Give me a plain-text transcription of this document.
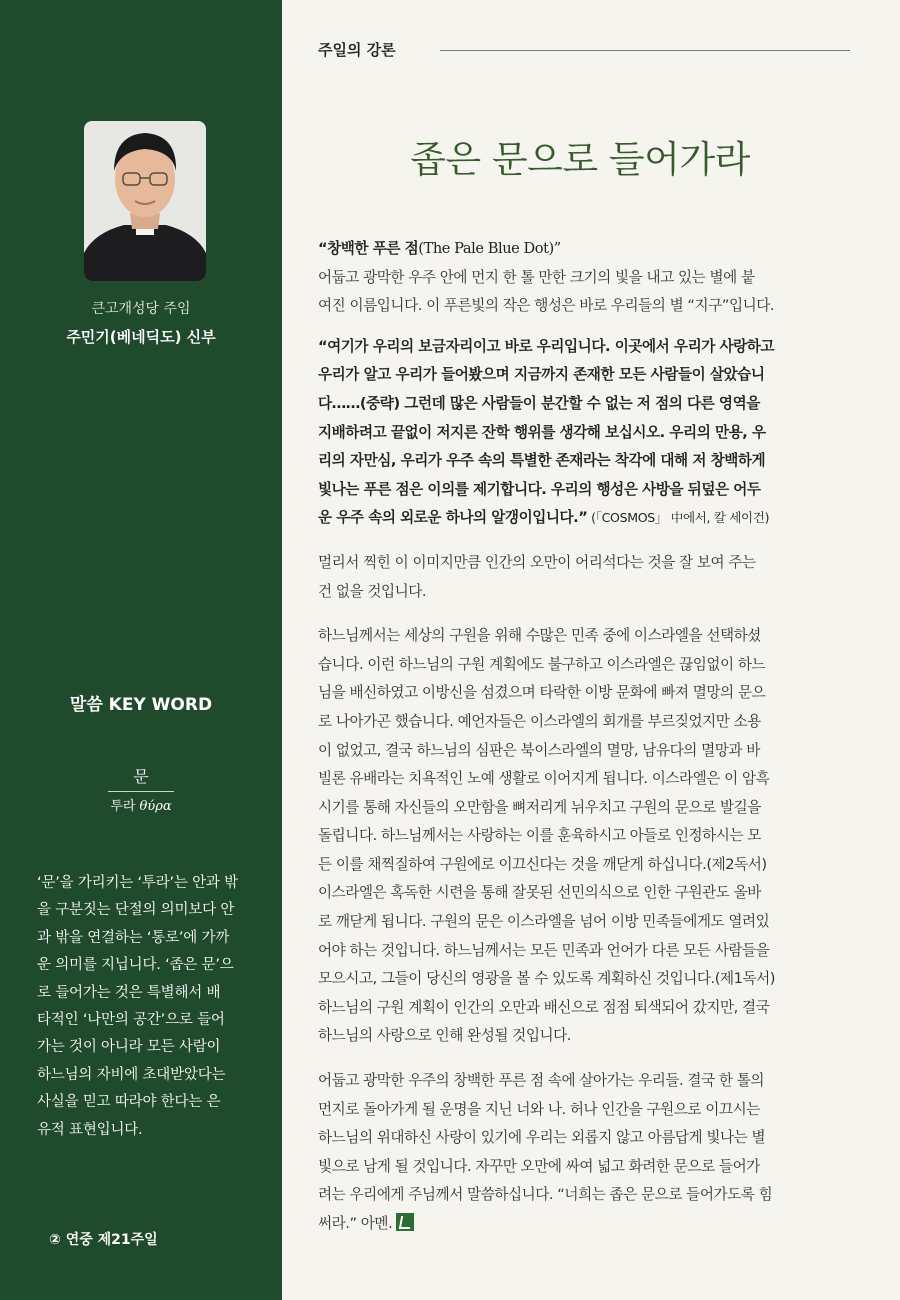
큰고개성당 주임
주민기(베네딕도) 신부
말씀 KEY WORD
문
투라 θύρα
‘문’을 가리키는 ‘투라’는 안과 밖
을 구분짓는 단절의 의미보다 안
과 밖을 연결하는 ‘통로’에 가까
운 의미를 지닙니다. ‘좁은 문’으
로 들어가는 것은 특별해서 배
타적인 ‘나만의 공간’으로 들어
가는 것이 아니라 모든 사람이
하느님의 자비에 초대받았다는
사실을 믿고 따라야 한다는 은
유적 표현입니다.
② 연중 제21주일
주일의 강론
좁은 문으로 들어가라

“창백한 푸른 점(The Pale Blue Dot)”
어둡고 광막한 우주 안에 먼지 한 톨 만한 크기의 빛을 내고 있는 별에 붙
여진 이름입니다. 이 푸른빛의 작은 행성은 바로 우리들의 별 “지구”입니다.

“여기가 우리의 보금자리이고 바로 우리입니다. 이곳에서 우리가 사랑하고
우리가 알고 우리가 들어봤으며 지금까지 존재한 모든 사람들이 살았습니
다……(중략) 그런데 많은 사람들이 분간할 수 없는 저 점의 다른 영역을
지배하려고 끝없이 저지른 잔학 행위를 생각해 보십시오. 우리의 만용, 우
리의 자만심, 우리가 우주 속의 특별한 존재라는 착각에 대해 저 창백하게
빛나는 푸른 점은 이의를 제기합니다. 우리의 행성은 사방을 뒤덮은 어두
운 우주 속의 외로운 하나의 알갱이입니다.” (「COSMOS」 中에서, 칼 세이건)

멀리서 찍힌 이 이미지만큼 인간의 오만이 어리석다는 것을 잘 보여 주는
건 없을 것입니다.

하느님께서는 세상의 구원을 위해 수많은 민족 중에 이스라엘을 선택하셨
습니다. 이런 하느님의 구원 계획에도 불구하고 이스라엘은 끊임없이 하느
님을 배신하였고 이방신을 섬겼으며 타락한 이방 문화에 빠져 멸망의 문으
로 나아가곤 했습니다. 예언자들은 이스라엘의 회개를 부르짖었지만 소용
이 없었고, 결국 하느님의 심판은 북이스라엘의 멸망, 남유다의 멸망과 바
빌론 유배라는 치욕적인 노예 생활로 이어지게 됩니다. 이스라엘은 이 암흑
시기를 통해 자신들의 오만함을 뼈저리게 뉘우치고 구원의 문으로 발길을
돌립니다. 하느님께서는 사랑하는 이를 훈육하시고 아들로 인정하시는 모
든 이를 채찍질하여 구원에로 이끄신다는 것을 깨닫게 하십니다.(제2독서)
이스라엘은 혹독한 시련을 통해 잘못된 선민의식으로 인한 구원관도 올바
로 깨닫게 됩니다. 구원의 문은 이스라엘을 넘어 이방 민족들에게도 열려있
어야 하는 것입니다. 하느님께서는 모든 민족과 언어가 다른 모든 사람들을
모으시고, 그들이 당신의 영광을 볼 수 있도록 계획하신 것입니다.(제1독서)
하느님의 구원 계획이 인간의 오만과 배신으로 점점 퇴색되어 갔지만, 결국
하느님의 사랑으로 인해 완성될 것입니다.

어둡고 광막한 우주의 창백한 푸른 점 속에 살아가는 우리들. 결국 한 톨의
먼지로 돌아가게 될 운명을 지닌 너와 나. 허나 인간을 구원으로 이끄시는
하느님의 위대하신 사랑이 있기에 우리는 외롭지 않고 아름답게 빛나는 별
빛으로 남게 될 것입니다. 자꾸만 오만에 싸여 넓고 화려한 문으로 들어가
려는 우리에게 주님께서 말씀하십니다. “너희는 좁은 문으로 들어가도록 힘
써라.” 아멘.
